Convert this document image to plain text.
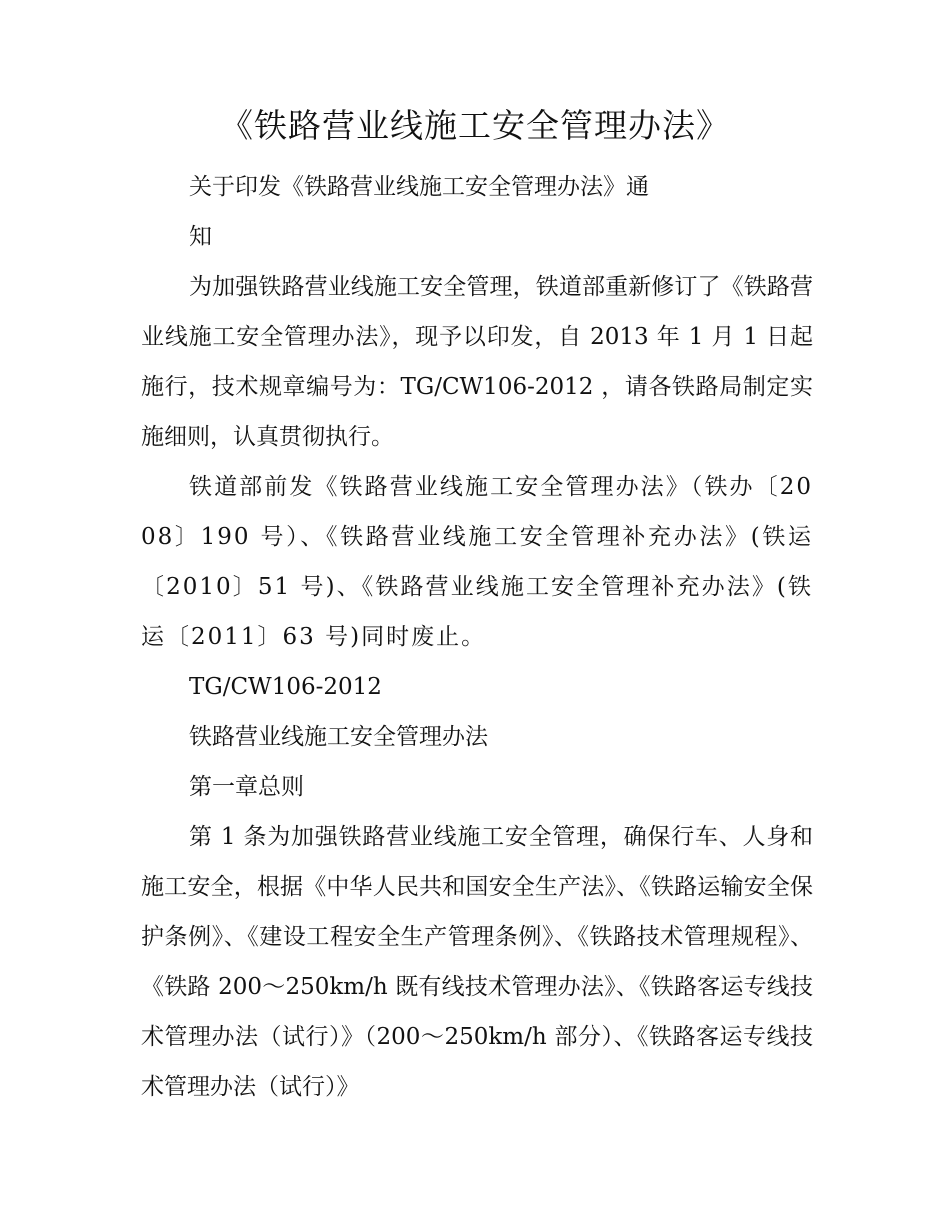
《铁路营业线施工安全管理办法》

关于印发《铁路营业线施工安全管理办法》通

知

为加强铁路营业线施工安全管理，铁道部重新修订了《铁路营业线施工安全管理办法》，现予以印发，自 2013 年 1 月 1 日起施行，技术规章编号为：TG/CW106-2012 ，请各铁路局制定实施细则，认真贯彻执行。

铁道部前发《铁路营业线施工安全管理办法》（铁办〔2008〕190 号）、《铁路营业线施工安全管理补充办法》(铁运〔2010〕51 号)、《铁路营业线施工安全管理补充办法》(铁运〔2011〕63 号)同时废止。

TG/CW106-2012

铁路营业线施工安全管理办法

第一章总则

第 1 条为加强铁路营业线施工安全管理，确保行车、人身和施工安全，根据《中华人民共和国安全生产法》、《铁路运输安全保护条例》、《建设工程安全生产管理条例》、《铁路技术管理规程》、《铁路 200～250km/h 既有线技术管理办法》、《铁路客运专线技术管理办法（试行）》（200～250km/h 部分）、《铁路客运专线技术管理办法（试行）》
